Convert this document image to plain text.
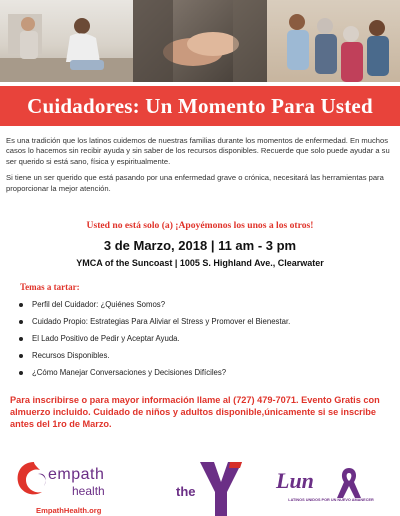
Cuidadores: Un Momento Para Usted

Es una tradición que los latinos cuidemos de nuestras familias durante los momentos de enfermedad. En muchos casos lo hacemos sin recibir ayuda y sin saber de los recursos disponibles. Recuerde que solo puede ayudar a su ser querido si está sano, física y espiritualmente.

Si tiene un ser querido que está pasando por una enfermedad grave o crónica, necesitará las herramientas para proporcionar la mejor atención.

Usted no está solo (a) ¡Apoyémonos los unos a los otros!
3 de Marzo, 2018 | 11 am - 3 pm
YMCA of the Suncoast | 1005 S. Highland Ave., Clearwater
Temas a tartar:
Perfil del Cuidador: ¿Quiénes Somos?
Cuidado Propio: Estrategias Para Aliviar el Stress y Promover el Bienestar.
El Lado Positivo de Pedir y Aceptar Ayuda.
Recursos Disponibles.
¿Cómo Manejar Conversaciones y Decisiones Difíciles?
Para inscribirse o para mayor información llame al (727) 479-7071. Evento Gratis con almuerzo incluido. Cuidado de niños y adultos disponible,únicamente si se inscribe antes del 1ro de Marzo.
empath
health
EmpathHealth.org
the	Lun
LATINOS UNIDOS POR UN NUEVO AMANECER
